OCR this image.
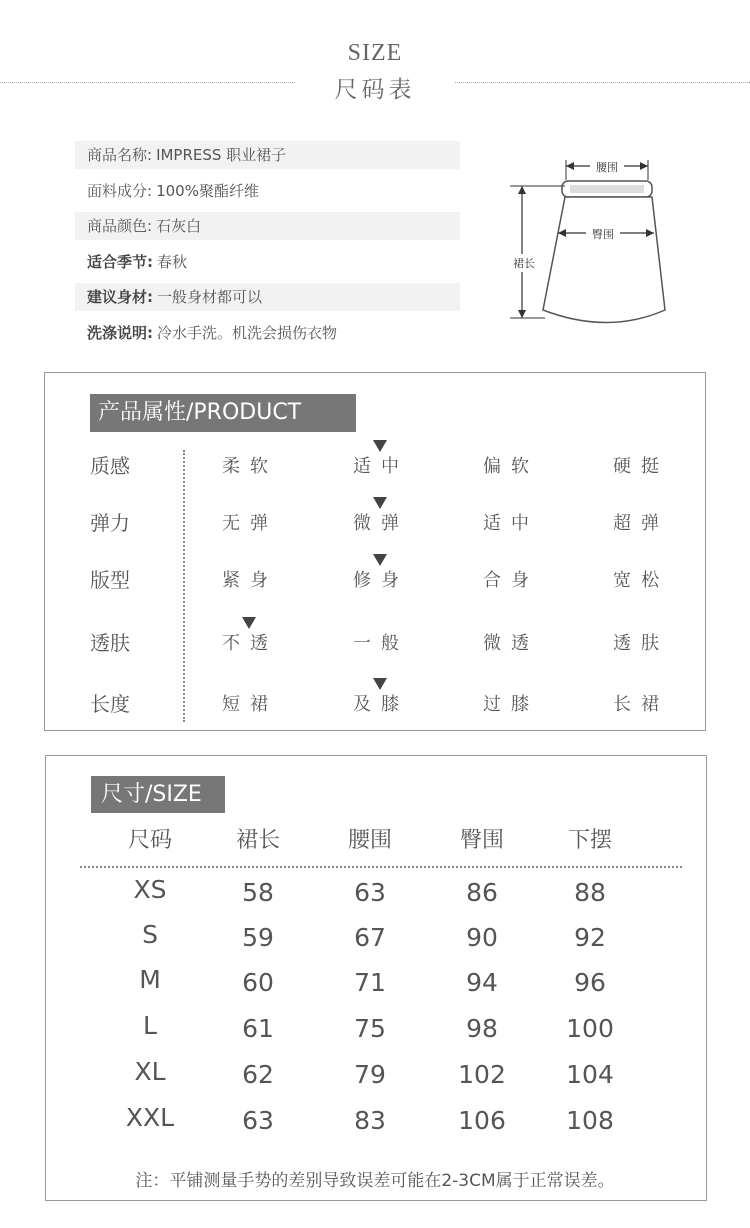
SIZE
尺码表
商品名称: IMPRESS 职业裙子
面料成分: 100%聚酯纤维
商品颜色: 石灰白
适合季节: 春秋
建议身材: 一般身材都可以
洗涤说明: 冷水手洗。机洗会损伤衣物
腰围
臀围
裙长
产品属性/PRODUCT
质感	柔软	适中	偏软	硬挺
弹力	无弹	微弹	适中	超弹
版型	紧身	修身	合身	宽松
透肤	不透	一般	微透	透肤
长度	短裙	及膝	过膝	长裙
尺寸/SIZE
尺码	裙长	腰围	臀围	下摆
XS	58	63	86	88
S	59	67	90	92
M	60	71	94	96
L	61	75	98	100
XL	62	79	102	104
XXL	63	83	106	108
注：平铺测量手势的差别导致误差可能在2-3CM属于正常误差。
